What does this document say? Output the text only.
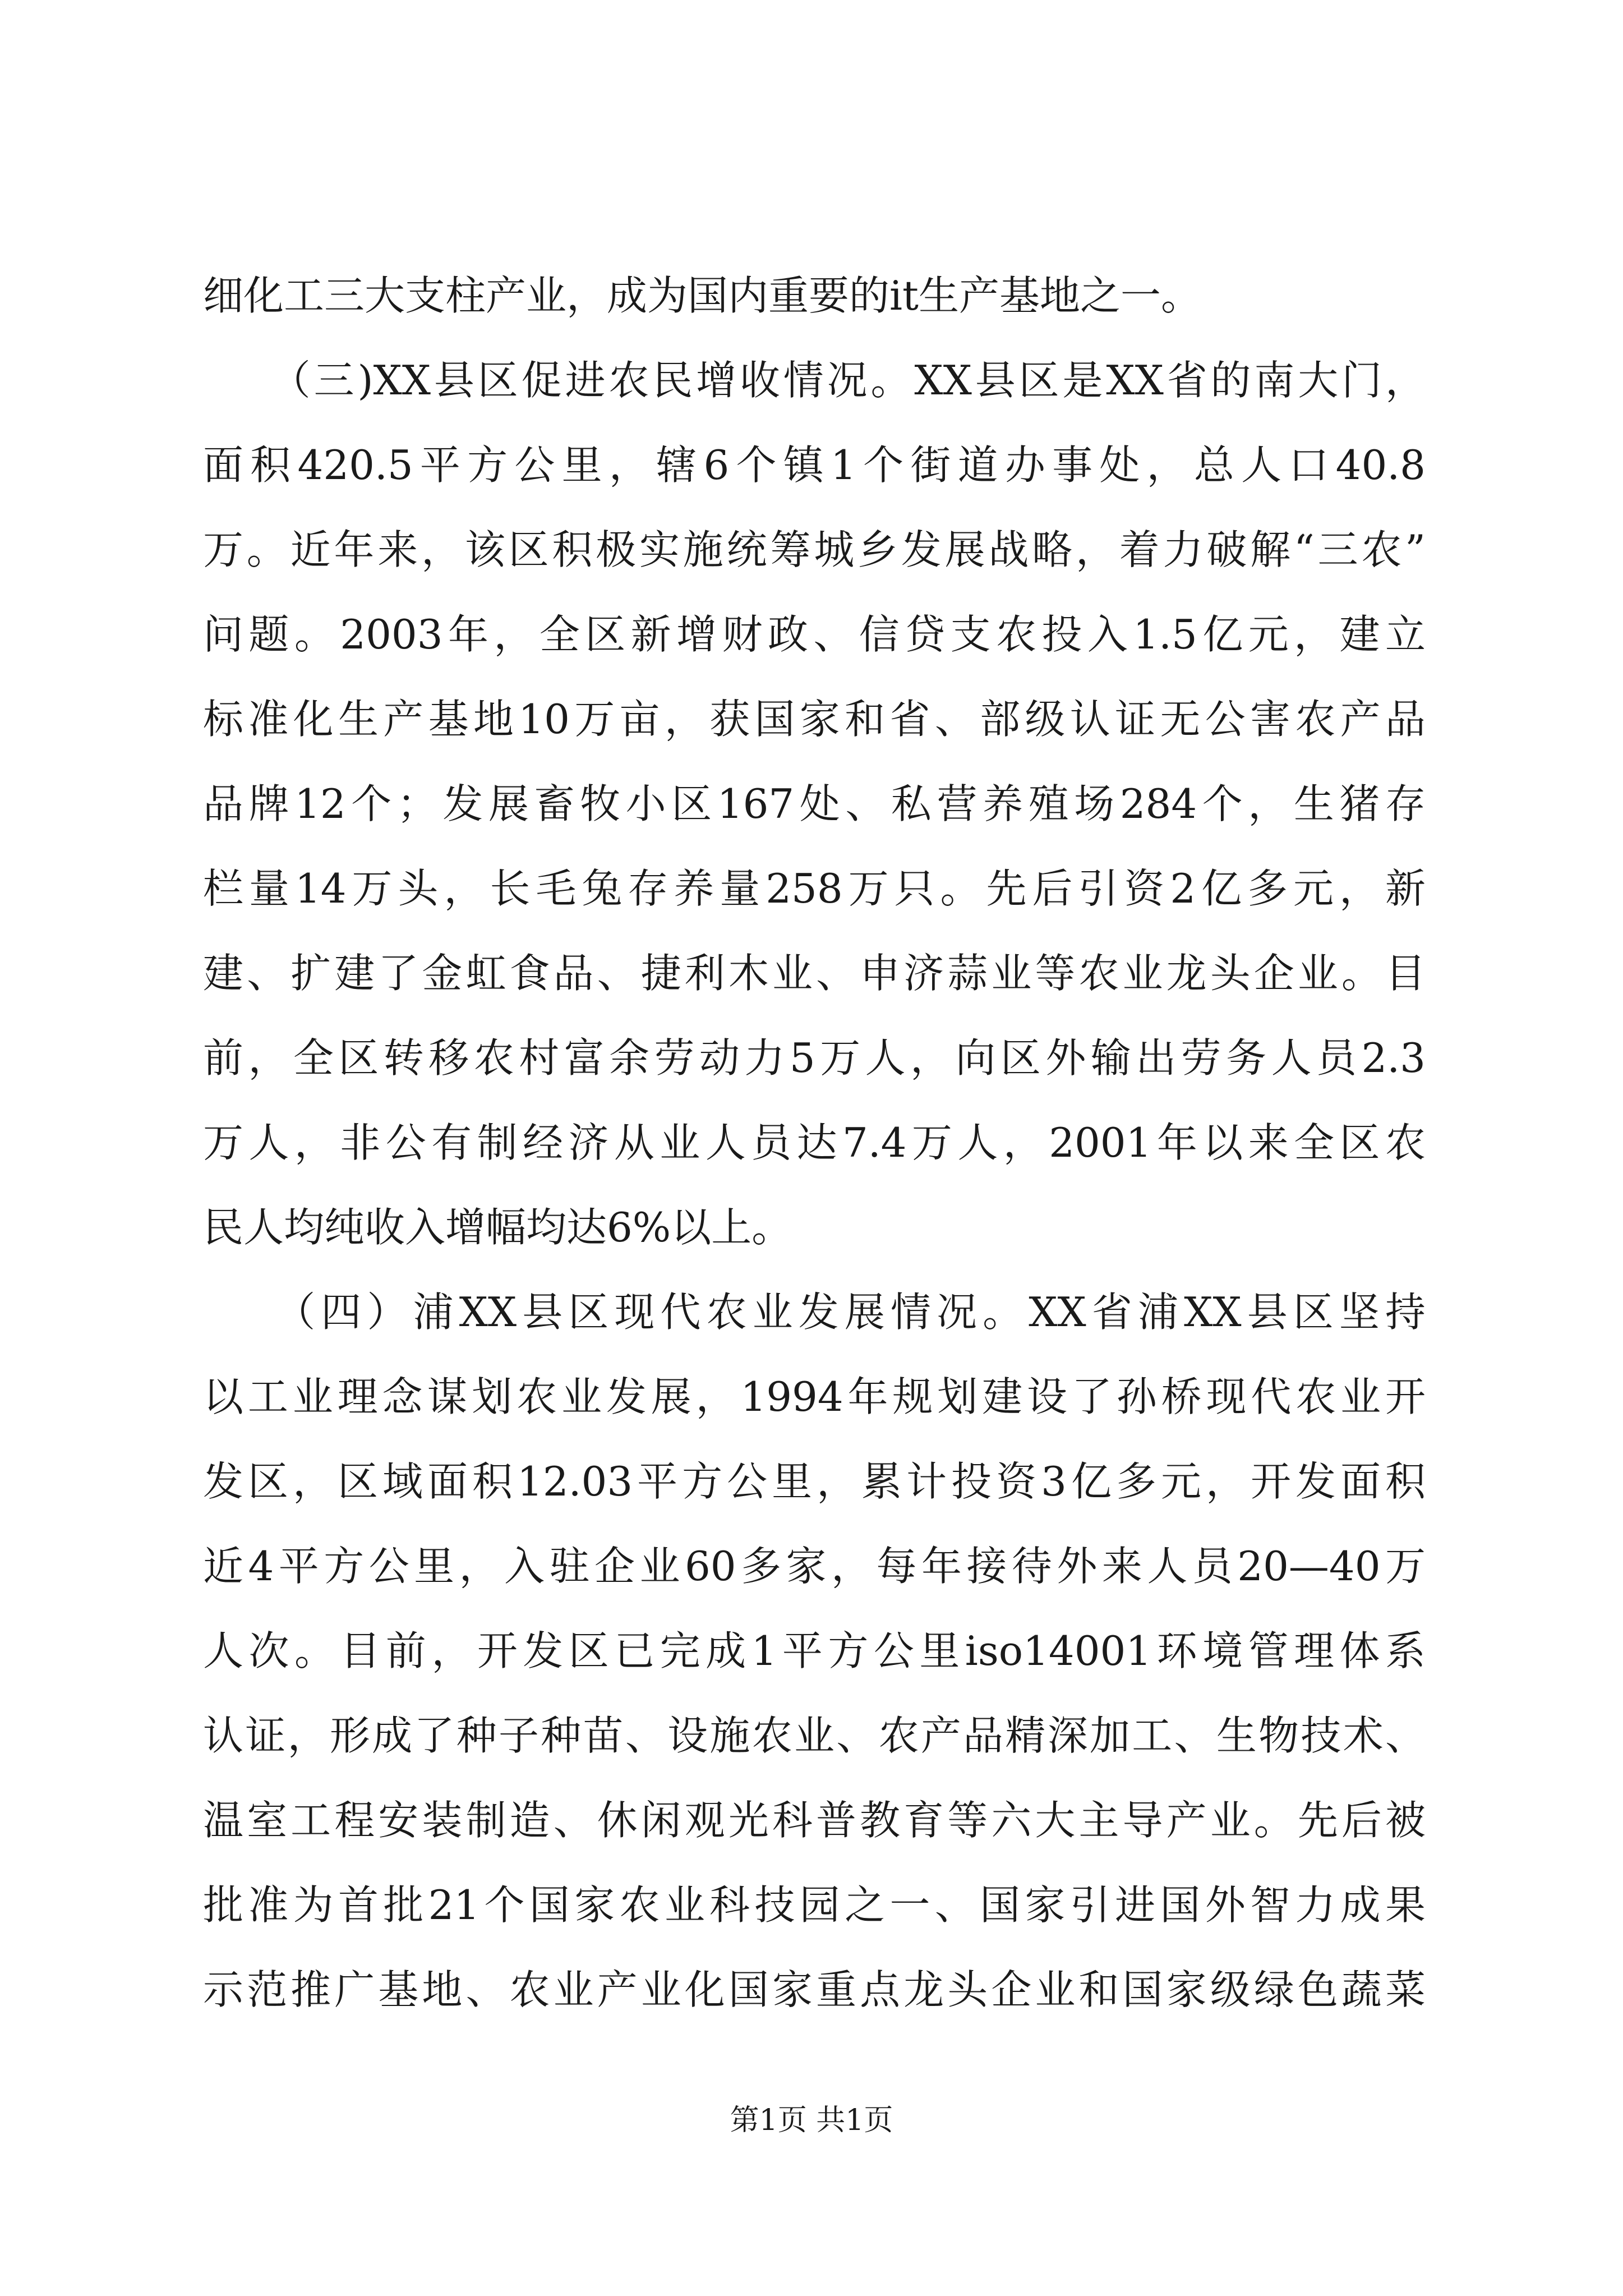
细化工三大支柱产业，成为国内重要的it生产基地之一。
　　（三)XX县区促进农民增收情况。XX县区是XX省的南大门，
面积420.5平方公里，辖6个镇1个街道办事处，总人口40.8
万。近年来，该区积极实施统筹城乡发展战略，着力破解“三农”
问题。2003年，全区新增财政、信贷支农投入1.5亿元，建立
标准化生产基地10万亩，获国家和省、部级认证无公害农产品
品牌12个；发展畜牧小区167处、私营养殖场284个，生猪存
栏量14万头，长毛兔存养量258万只。先后引资2亿多元，新
建、扩建了金虹食品、捷利木业、申济蒜业等农业龙头企业。目
前，全区转移农村富余劳动力5万人，向区外输出劳务人员2.3
万人，非公有制经济从业人员达7.4万人，2001年以来全区农
民人均纯收入增幅均达6%以上。
　　（四）浦XX县区现代农业发展情况。XX省浦XX县区坚持
以工业理念谋划农业发展，1994年规划建设了孙桥现代农业开
发区，区域面积12.03平方公里，累计投资3亿多元，开发面积
近4平方公里，入驻企业60多家，每年接待外来人员20—40万
人次。目前，开发区已完成1平方公里iso14001环境管理体系
认证，形成了种子种苗、设施农业、农产品精深加工、生物技术、
温室工程安装制造、休闲观光科普教育等六大主导产业。先后被
批准为首批21个国家农业科技园之一、国家引进国外智力成果
示范推广基地、农业产业化国家重点龙头企业和国家级绿色蔬菜
第1页 共1页
